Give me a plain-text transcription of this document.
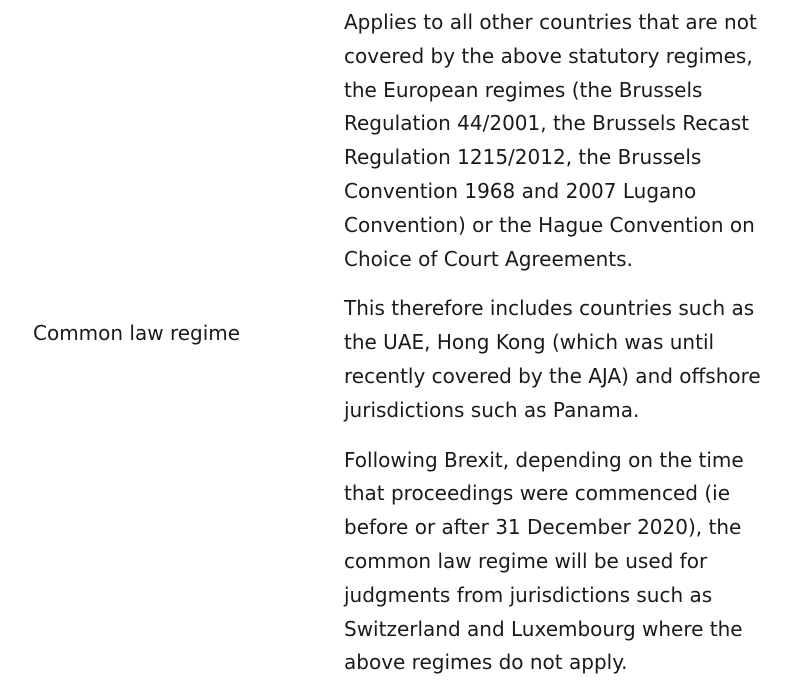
Common law regime

Applies to all other countries that are not covered by the above statutory regimes, the European regimes (the Brussels Regulation 44/2001, the Brussels Recast Regulation 1215/2012, the Brussels Convention 1968 and 2007 Lugano Convention) or the Hague Convention on Choice of Court Agreements.

This therefore includes countries such as the UAE, Hong Kong (which was until recently covered by the AJA) and offshore jurisdictions such as Panama.

Following Brexit, depending on the time that proceedings were commenced (ie before or after 31 December 2020), the common law regime will be used for judgments from jurisdictions such as Switzerland and Luxembourg where the above regimes do not apply.
